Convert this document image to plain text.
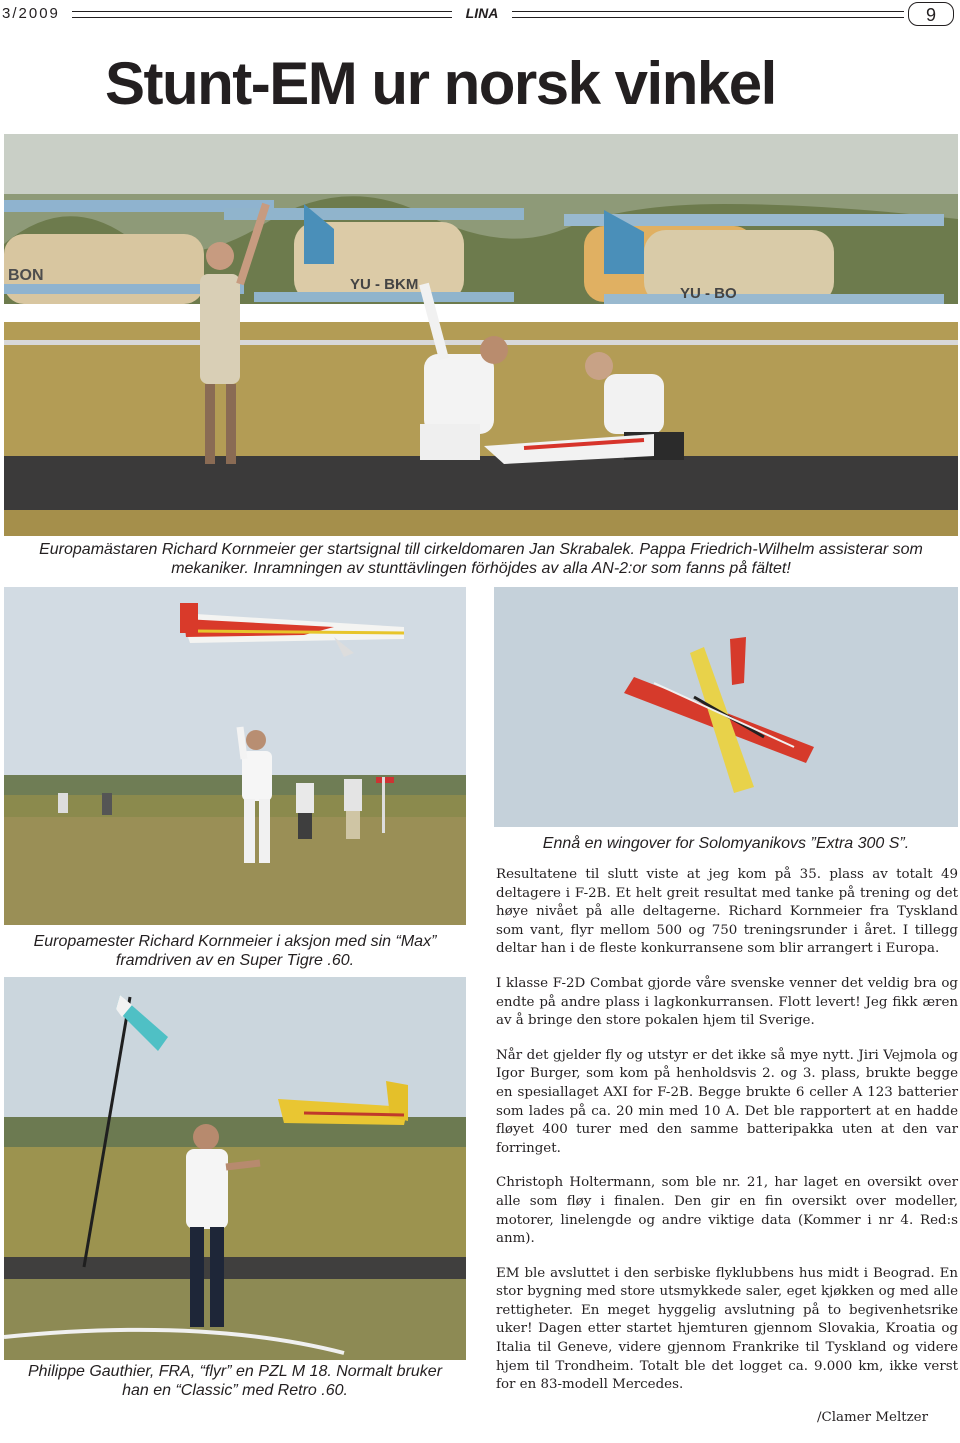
3/2009	LINA	9
Stunt-EM ur norsk vinkel
BON
YU - BKM
YU - BO
Europamästaren Richard Kornmeier ger startsignal till cirkeldomaren Jan Skrabalek. Pappa Friedrich-Wilhelm assisterar som
mekaniker. Inramningen av stunttävlingen förhöjdes av alla AN-2:or som fanns på fältet!
Europamester Richard Kornmeier i aksjon med sin “Max”
framdriven av en Super Tigre .60.
Ennå en wingover for Solomyanikovs ”Extra 300 S”.
Philippe Gauthier, FRA, “flyr” en PZL M 18. Normalt bruker
han en “Classic” med Retro .60.

Resultatene til slutt viste at jeg kom på 35. plass av totalt 49 deltagere i F-2B. Et helt greit resultat med tanke på trening og det høye nivået på alle deltagerne. Richard Kornmeier fra Tyskland som vant, flyr mellom 500 og 750 treningsrunder i året. I tillegg deltar han i de fleste konkurransene som blir arrangert i Europa.

I klasse F-2D Combat gjorde våre svenske venner det veldig bra og endte på andre plass i lagkonkurransen. Flott levert! Jeg fikk æren av å bringe den store pokalen hjem til Sverige.

Når det gjelder fly og utstyr er det ikke så mye nytt. Jiri Vejmola og Igor Burger, som kom på henholdsvis 2. og 3. plass, brukte begge en spesiallaget AXI for F-2B. Begge brukte 6 celler A 123 batterier som lades på ca. 20 min med 10 A. Det ble rapportert at en hadde fløyet 400 turer med den samme batteripakka uten at den var forringet.

Christoph Holtermann, som ble nr. 21, har laget en oversikt over alle som fløy i finalen. Den gir en fin oversikt over modeller, motorer, linelengde og andre viktige data (Kommer i nr 4. Red:s anm).

EM ble avsluttet i den serbiske flyklubbens hus midt i Beograd. En stor bygning med store utsmykkede saler, eget kjøkken og med alle rettigheter. En meget hyggelig avslutning på to begivenhetsrike uker! Dagen etter startet hjemturen gjennom Slovakia, Kroatia og Italia til Geneve, videre gjennom Frankrike til Tyskland og videre hjem til Trondheim. Totalt ble det logget ca. 9.000 km, ikke verst for en 83-modell Mercedes.

/Clamer Meltzer
